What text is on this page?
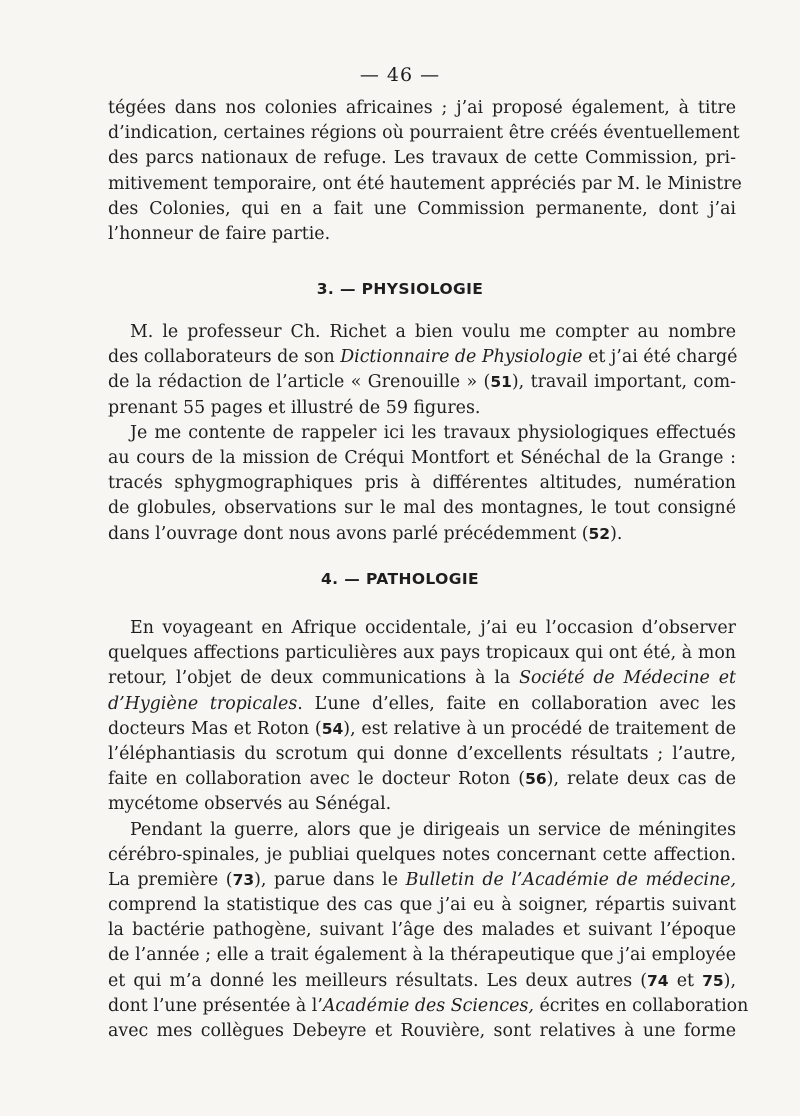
— 46 —
tégées dans nos colonies africaines ; j’ai proposé également, à titre
d’indication, certaines régions où pourraient être créés éventuellement
des parcs nationaux de refuge. Les travaux de cette Commission, pri-
mitivement temporaire, ont été hautement appréciés par M. le Ministre
des Colonies, qui en a fait une Commission permanente, dont j’ai
l’honneur de faire partie.
3. — PHYSIOLOGIE
M. le professeur Ch. Richet a bien voulu me compter au nombre
des collaborateurs de son Dictionnaire de Physiologie et j’ai été chargé
de la rédaction de l’article « Grenouille » (51), travail important, com-
prenant 55 pages et illustré de 59 figures.
Je me contente de rappeler ici les travaux physiologiques effectués
au cours de la mission de Créqui Montfort et Sénéchal de la Grange :
tracés sphygmographiques pris à différentes altitudes, numération
de globules, observations sur le mal des montagnes, le tout consigné
dans l’ouvrage dont nous avons parlé précédemment (52).
4. — PATHOLOGIE
En voyageant en Afrique occidentale, j’ai eu l’occasion d’observer
quelques affections particulières aux pays tropicaux qui ont été, à mon
retour, l’objet de deux communications à la Société de Médecine et
d’Hygiène tropicales. L’une d’elles, faite en collaboration avec les
docteurs Mas et Roton (54), est relative à un procédé de traitement de
l’éléphantiasis du scrotum qui donne d’excellents résultats ; l’autre,
faite en collaboration avec le docteur Roton (56), relate deux cas de
mycétome observés au Sénégal.
Pendant la guerre, alors que je dirigeais un service de méningites
cérébro-spinales, je publiai quelques notes concernant cette affection.
La première (73), parue dans le Bulletin de l’Académie de médecine,
comprend la statistique des cas que j’ai eu à soigner, répartis suivant
la bactérie pathogène, suivant l’âge des malades et suivant l’époque
de l’année ; elle a trait également à la thérapeutique que j’ai employée
et qui m’a donné les meilleurs résultats. Les deux autres (74 et 75),
dont l’une présentée à l’Académie des Sciences, écrites en collaboration
avec mes collègues Debeyre et Rouvière, sont relatives à une forme
